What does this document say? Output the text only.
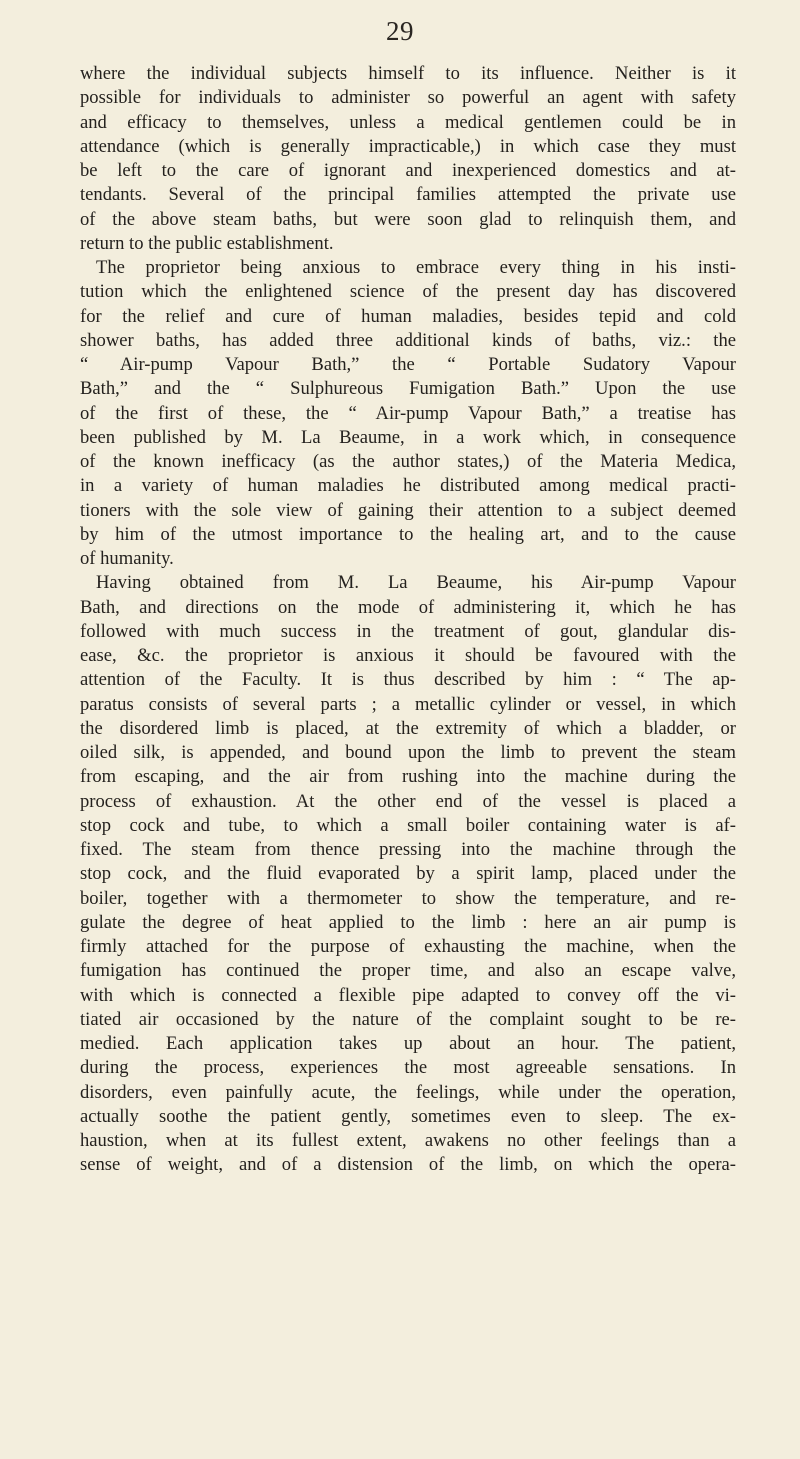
29
where the individual subjects himself to its influence. Neither is it
possible for individuals to administer so powerful an agent with safety
and efficacy to themselves, unless a medical gentlemen could be in
attendance (which is generally impracticable,) in which case they must
be left to the care of ignorant and inexperienced domestics and at-
tendants. Several of the principal families attempted the private use
of the above steam baths, but were soon glad to relinquish them, and
return to the public establishment.
The proprietor being anxious to embrace every thing in his insti-
tution which the enlightened science of the present day has discovered
for the relief and cure of human maladies, besides tepid and cold
shower baths, has added three additional kinds of baths, viz.: the
“ Air-pump Vapour Bath,” the “ Portable Sudatory Vapour
Bath,” and the “ Sulphureous Fumigation Bath.” Upon the use
of the first of these, the “ Air-pump Vapour Bath,” a treatise has
been published by M. La Beaume, in a work which, in consequence
of the known inefficacy (as the author states,) of the Materia Medica,
in a variety of human maladies he distributed among medical practi-
tioners with the sole view of gaining their attention to a subject deemed
by him of the utmost importance to the healing art, and to the cause
of humanity.
Having obtained from M. La Beaume, his Air-pump Vapour
Bath, and directions on the mode of administering it, which he has
followed with much success in the treatment of gout, glandular dis-
ease, &c. the proprietor is anxious it should be favoured with the
attention of the Faculty. It is thus described by him : “ The ap-
paratus consists of several parts ; a metallic cylinder or vessel, in which
the disordered limb is placed, at the extremity of which a bladder, or
oiled silk, is appended, and bound upon the limb to prevent the steam
from escaping, and the air from rushing into the machine during the
process of exhaustion. At the other end of the vessel is placed a
stop cock and tube, to which a small boiler containing water is af-
fixed. The steam from thence pressing into the machine through the
stop cock, and the fluid evaporated by a spirit lamp, placed under the
boiler, together with a thermometer to show the temperature, and re-
gulate the degree of heat applied to the limb : here an air pump is
firmly attached for the purpose of exhausting the machine, when the
fumigation has continued the proper time, and also an escape valve,
with which is connected a flexible pipe adapted to convey off the vi-
tiated air occasioned by the nature of the complaint sought to be re-
medied. Each application takes up about an hour. The patient,
during the process, experiences the most agreeable sensations. In
disorders, even painfully acute, the feelings, while under the operation,
actually soothe the patient gently, sometimes even to sleep. The ex-
haustion, when at its fullest extent, awakens no other feelings than a
sense of weight, and of a distension of the limb, on which the opera-
